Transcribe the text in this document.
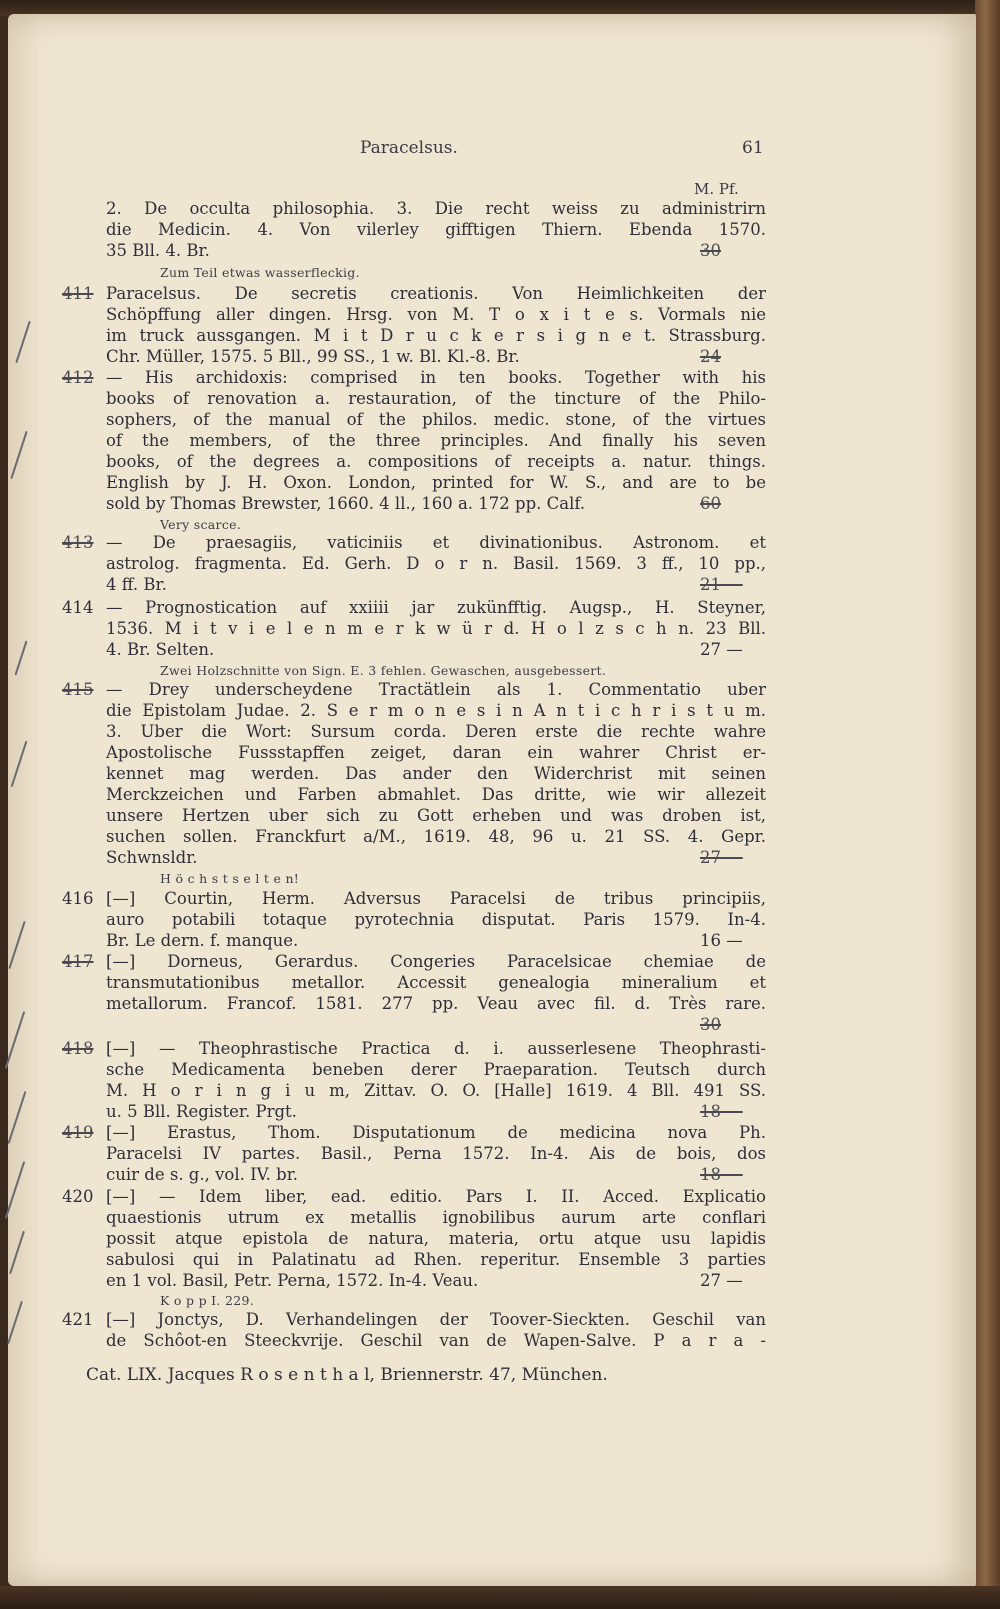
Paracelsus.	61
M. Pf.
2. De occulta philosophia. 3. Die recht weiss zu administrirn
die Medicin. 4. Von vilerley gifftigen Thiern. Ebenda 1570.
35 Bll. 4. Br.	30
Zum Teil etwas wasserfleckig.
411 Paracelsus. De secretis creationis. Von Heimlichkeiten der
Schöpffung aller dingen. Hrsg. von M. T o x i t e s. Vormals nie
im truck aussgangen. M i t D r u c k e r s i g n e t. Strassburg.
Chr. Müller, 1575. 5 Bll., 99 SS., 1 w. Bl. Kl.-8. Br.	24
412 — His archidoxis: comprised in ten books. Together with his
books of renovation a. restauration, of the tincture of the Philo-
sophers, of the manual of the philos. medic. stone, of the virtues
of the members, of the three principles. And finally his seven
books, of the degrees a. compositions of receipts a. natur. things.
English by J. H. Oxon. London, printed for W. S., and are to be
sold by Thomas Brewster, 1660. 4 ll., 160 a. 172 pp. Calf.	60
Very scarce.
413 — De praesagiis, vaticiniis et divinationibus. Astronom. et
astrolog. fragmenta. Ed. Gerh. D o r n. Basil. 1569. 3 ff., 10 pp.,
4 ff. Br.	21 —
414 — Prognostication auf xxiiii jar zukünfftig. Augsp., H. Steyner,
1536. M i t v i e l e n m e r k w ü r d. H o l z s c h n. 23 Bll.
4. Br. Selten.	27 —
Zwei Holzschnitte von Sign. E. 3 fehlen. Gewaschen, ausgebessert.
415 — Drey underscheydene Tractätlein als 1. Commentatio uber
die Epistolam Judae. 2. S e r m o n e s i n A n t i c h r i s t u m.
3. Uber die Wort: Sursum corda. Deren erste die rechte wahre
Apostolische Fussstapffen zeiget, daran ein wahrer Christ er-
kennet mag werden. Das ander den Widerchrist mit seinen
Merckzeichen und Farben abmahlet. Das dritte, wie wir allezeit
unsere Hertzen uber sich zu Gott erheben und was droben ist,
suchen sollen. Franckfurt a/M., 1619. 48, 96 u. 21 SS. 4. Gepr.
Schwnsldr.	27 —
H ö c h s t s e l t e n!
416 [—] Courtin, Herm. Adversus Paracelsi de tribus principiis,
auro potabili totaque pyrotechnia disputat. Paris 1579. In-4.
Br. Le dern. f. manque.	16 —
417 [—] Dorneus, Gerardus. Congeries Paracelsicae chemiae de
transmutationibus metallor. Accessit genealogia mineralium et
metallorum. Francof. 1581. 277 pp. Veau avec fil. d. Très rare.
30
418 [—] — Theophrastische Practica d. i. ausserlesene Theophrasti-
sche Medicamenta beneben derer Praeparation. Teutsch durch
M. H o r i n g i u m, Zittav. O. O. [Halle] 1619. 4 Bll. 491 SS.
u. 5 Bll. Register. Prgt.	18 —
419 [—] Erastus, Thom. Disputationum de medicina nova Ph.
Paracelsi IV partes. Basil., Perna 1572. In-4. Ais de bois, dos
cuir de s. g., vol. IV. br.	18 —
420 [—] — Idem liber, ead. editio. Pars I. II. Acced. Explicatio
quaestionis utrum ex metallis ignobilibus aurum arte conflari
possit atque epistola de natura, materia, ortu atque usu lapidis
sabulosi qui in Palatinatu ad Rhen. reperitur. Ensemble 3 parties
en 1 vol. Basil, Petr. Perna, 1572. In-4. Veau.	27 —
K o p p I. 229.
421 [—] Jonctys, D. Verhandelingen der Toover-Sieckten. Geschil van
de Schôot-en Steeckvrije. Geschil van de Wapen-Salve. P a r a -
Cat. LIX. Jacques R o s e n t h a l, Briennerstr. 47, München.
